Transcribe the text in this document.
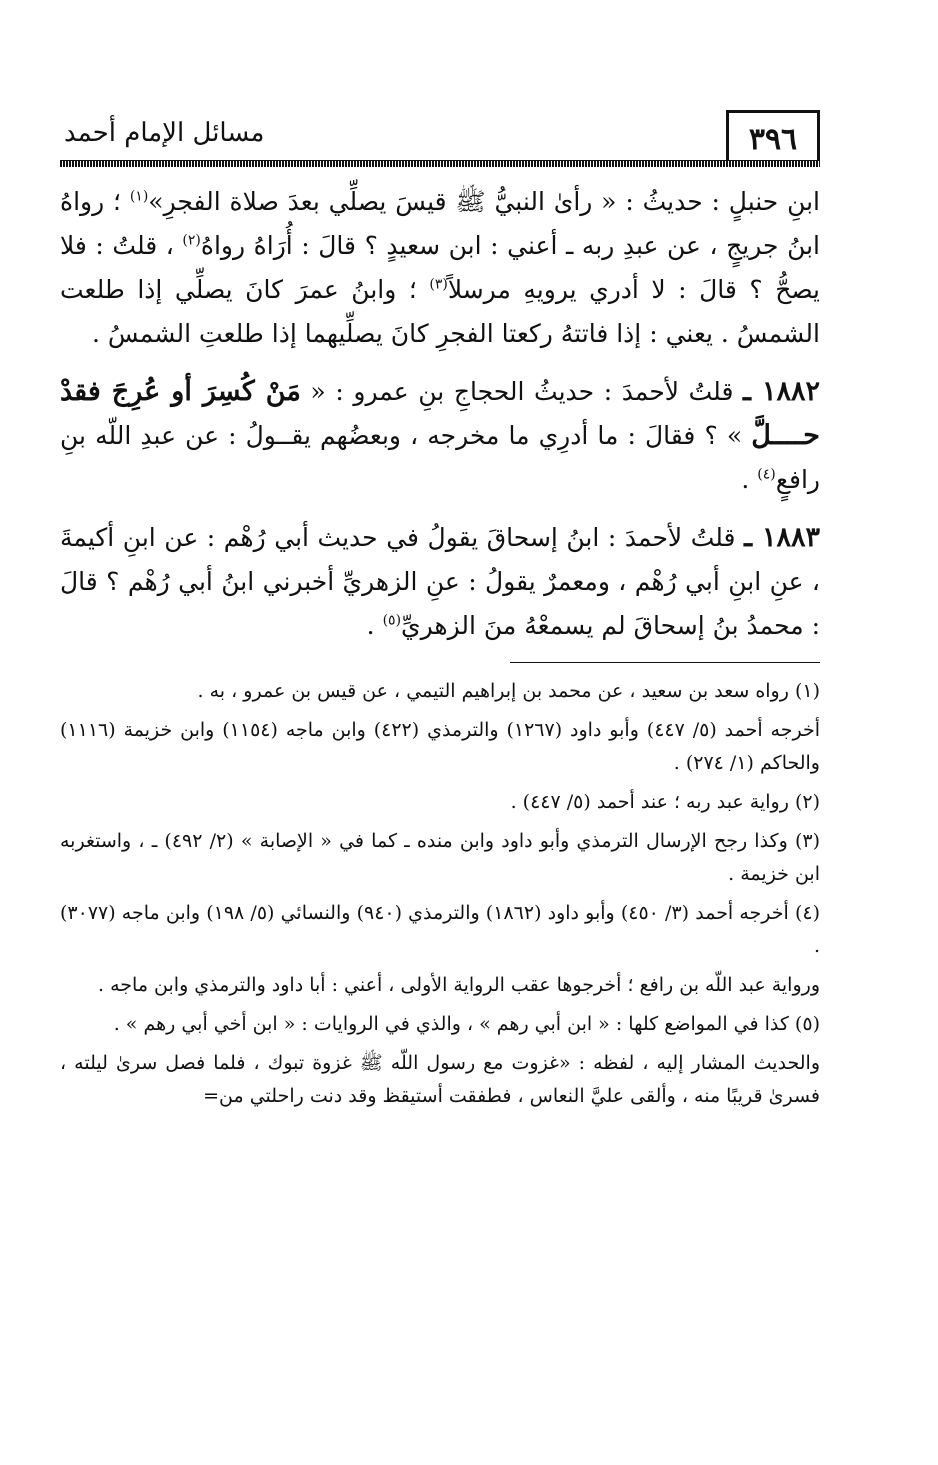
٣٩٦
مسائل الإمام أحمد

ابنِ حنبلٍ : حديثُ : « رأىٰ النبيُّ ﷺ قيسَ يصلِّي بعدَ صلاة الفجرِ»$^{(١)}$ ؛ رواهُ ابنُ جريجٍ ، عن عبدِ ربه ـ أعني : ابن سعيدٍ ؟ قالَ : أُرَاهُ رواهُ$^{(٢)}$ ، قلتُ : فلا يصحُّ ؟ قالَ : لا أدري يرويهِ مرسلاً$^{(٣)}$ ؛ وابنُ عمرَ كانَ يصلِّي إذا طلعت الشمسُ . يعني : إذا فاتتهُ ركعتا الفجرِ كانَ يصلِّيهما إذا طلعتِ الشمسُ .

١٨٨٢ ـ قلتُ لأحمدَ : حديثُ الحجاجِ بنِ عمرو : « مَنْ كُسِرَ أو عُرِجَ فقدْ حــــلَّ » ؟ فقالَ : ما أدرِي ما مخرجه ، وبعضُهم يقــولُ : عن عبدِ اللّه بنِ رافعٍ$^{(٤)}$ .

١٨٨٣ ـ قلتُ لأحمدَ : ابنُ إسحاقَ يقولُ في حديث أبي رُهْم : عن ابنِ أكيمةَ ، عنِ ابنِ أبي رُهْم ، ومعمرٌ يقولُ : عنِ الزهريِّ أخبرني ابنُ أبي رُهْم ؟ قالَ : محمدُ بنُ إسحاقَ لم يسمعْهُ منَ الزهريِّ$^{(٥)}$ .

(١) رواه سعد بن سعيد ، عن محمد بن إبراهيم التيمي ، عن قيس بن عمرو ، به .

أخرجه أحمد (٥/ ٤٤٧) وأبو داود (١٢٦٧) والترمذي (٤٢٢) وابن ماجه (١١٥٤) وابن خزيمة (١١١٦) والحاكم (١/ ٢٧٤) .

(٢) رواية عبد ربه ؛ عند أحمد (٥/ ٤٤٧) .

(٣) وكذا رجح الإرسال الترمذي وأبو داود وابن منده ـ كما في « الإصابة » (٢/ ٤٩٢) ـ ، واستغربه ابن خزيمة .

(٤) أخرجه أحمد (٣/ ٤٥٠) وأبو داود (١٨٦٢) والترمذي (٩٤٠) والنسائي (٥/ ١٩٨) وابن ماجه (٣٠٧٧) .

ورواية عبد اللّه بن رافع ؛ أخرجوها عقب الرواية الأولى ، أعني : أبا داود والترمذي وابن ماجه .

(٥) كذا في المواضع كلها : « ابن أبي رهم » ، والذي في الروايات : « ابن أخي أبي رهم » .

والحديث المشار إليه ، لفظه : «غزوت مع رسول اللّه ﷺ غزوة تبوك ، فلما فصل سرىٰ ليلته ، فسرىٰ قريبًا منه ، وألقى عليَّ النعاس ، فطفقت أستيقظ وقد دنت راحلتي من=
